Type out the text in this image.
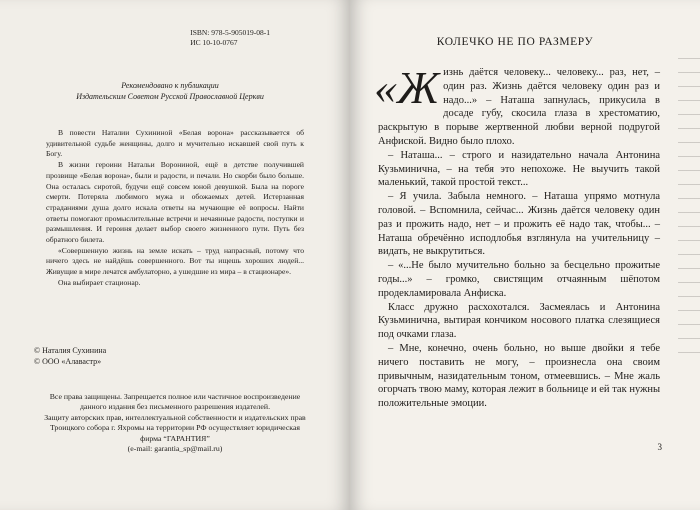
ISBN: 978-5-905019-08-1
ИС 10-10-0767
Рекомендовано к публикации
Издательским Советом Русской Православной Церкви

В повести Наталии Сухининой «Белая ворона» рассказывается об удивительной судьбе женщины, долго и мучительно искавшей свой путь к Богу.

В жизни героини Натальи Ворониной, ещё в детстве получившей прозвище «Белая ворона», были и радости, и печали. Но скорби было больше. Она осталась сиротой, будучи ещё совсем юной девушкой. Была на пороге смерти. Потеряла любимого мужа и обожаемых детей. Истерзанная страданиями душа долго искала ответы на мучающие её вопросы. Найти ответы помогают промыслительные встречи и нечаянные радости, поступки и размышления. И героиня делает выбор своего жизненного пути. Путь без обратного билета.

«Совершенную жизнь на земле искать – труд напрасный, потому что ничего здесь не найдёшь совершенного. Вот ты ищешь хороших людей... Живущие в мире лечатся амбулаторно, а ушедшие из мира – в стационаре».

Она выбирает стационар.

© Наталия Сухинина
© ООО «Алавастр»
Все права защищены. Запрещается полное или частичное воспроизведение данного издания без письменного разрешения издателей.
Защиту авторских прав, интеллектуальной собственности и издательских прав Троицкого собора г. Яхромы на территории РФ осуществляет юридическая фирма “ГАРАНТИЯ”
(e-mail: garantia_sp@mail.ru)
КОЛЕЧКО НЕ ПО РАЗМЕРУ

«Жизнь даётся человеку... человеку... раз, нет, – один раз. Жизнь даётся человеку один раз и надо...» – Наташа запнулась, прикусила в досаде губу, скосила глаза в хрестоматию, раскрытую в порыве жертвенной любви верной подругой Анфиской. Видно было плохо.

– Наташа... – строго и назидательно начала Антонина Кузьминична, – на тебя это непохоже. Не выучить такой маленький, такой простой текст...

– Я учила. Забыла немного. – Наташа упрямо мотнула головой. – Вспомнила, сейчас... Жизнь даётся человеку один раз и прожить надо, нет – и прожить её надо так, чтобы... – Наташа обречённо исподлобья взглянула на учительницу – видать, не выкрутиться.

– «...Не было мучительно больно за бесцельно прожитые годы...» – громко, свистящим отчаянным шёпотом продекламировала Анфиска.

Класс дружно расхохотался. Засмеялась и Антонина Кузьминична, вытирая кончиком носового платка слезящиеся под очками глаза.

– Мне, конечно, очень больно, но выше двойки я тебе ничего поставить не могу, – произнесла она своим привычным, назидательным тоном, отмеевшись. – Мне жаль огорчать твою маму, которая лежит в больнице и ей так нужны положительные эмоции.

3
